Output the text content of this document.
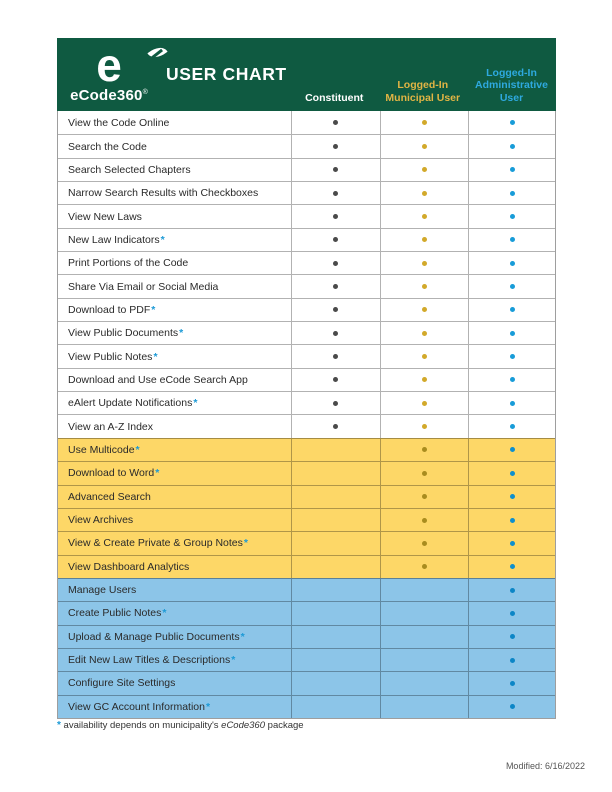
e
eCode360®
USER CHART
Constituent
Logged-In
Municipal User
Logged-In
Administrative
User
View the Code Online
Search the Code
Search Selected Chapters
Narrow Search Results with Checkboxes
View New Laws
New Law Indicators *
Print Portions of the Code
Share Via Email or Social Media
Download to PDF *
View Public Documents *
View Public Notes *
Download and Use eCode Search App
eAlert Update Notifications *
View an A-Z Index
Use Multicode *
Download to Word *
Advanced Search
View Archives
View & Create Private & Group Notes *
View Dashboard Analytics
Manage Users
Create Public Notes *
Upload & Manage Public Documents *
Edit New Law Titles & Descriptions *
Configure Site Settings
View GC Account Information *
* availability depends on municipality's eCode360 package
Modified: 6/16/2022
